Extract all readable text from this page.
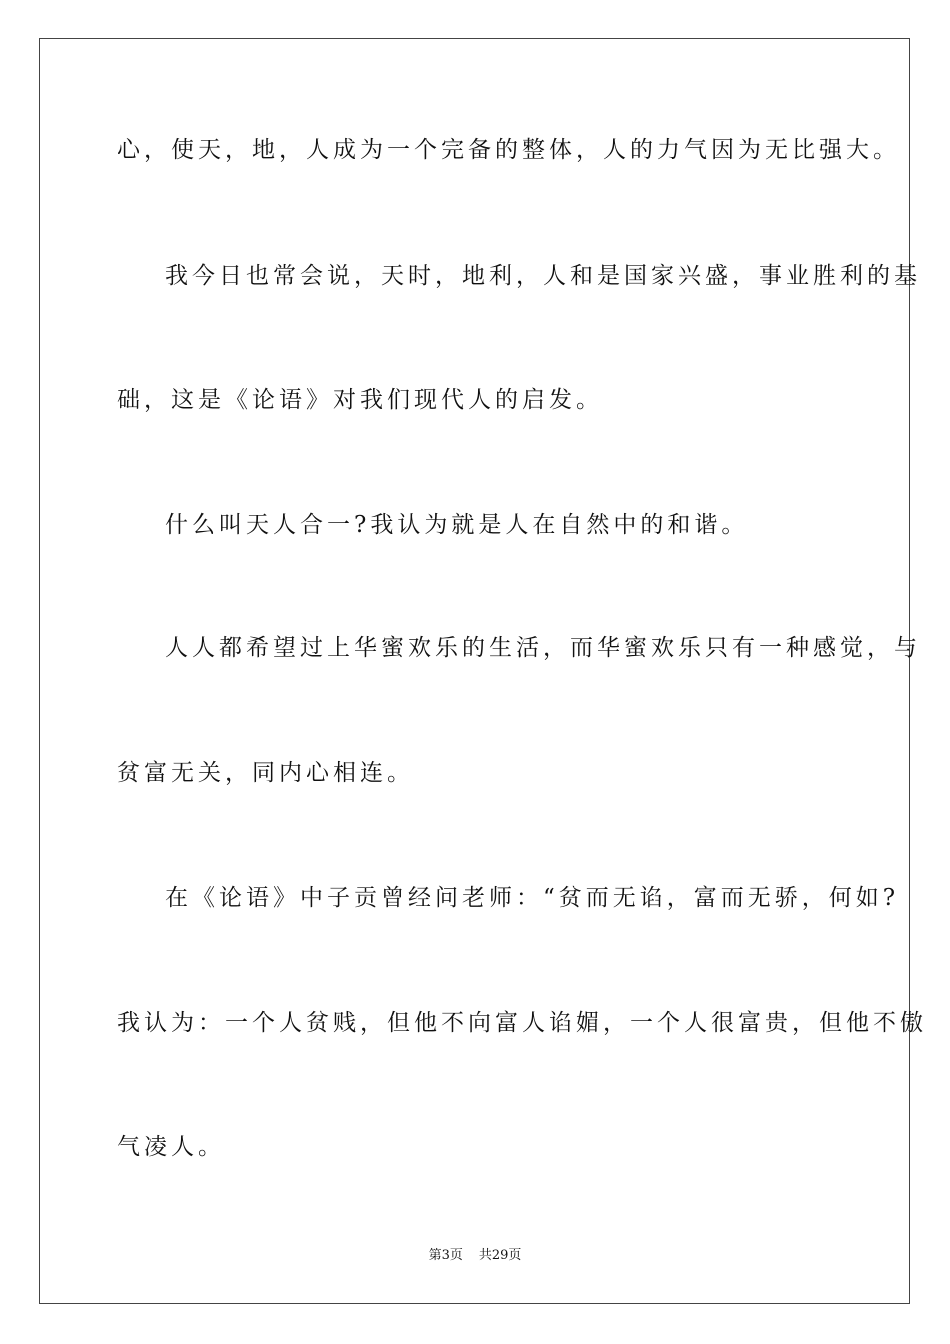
心，使天，地，人成为一个完备的整体，人的力气因为无比强大。
我今日也常会说，天时，地利，人和是国家兴盛，事业胜利的基
础，这是《论语》对我们现代人的启发。
什么叫天人合一?我认为就是人在自然中的和谐。
人人都希望过上华蜜欢乐的生活，而华蜜欢乐只有一种感觉，与
贫富无关，同内心相连。
在《论语》中子贡曾经问老师：“贫而无谄，富而无骄，何如?
我认为：一个人贫贱，但他不向富人谄媚，一个人很富贵，但他不傲
气凌人。
第3页 共29页
